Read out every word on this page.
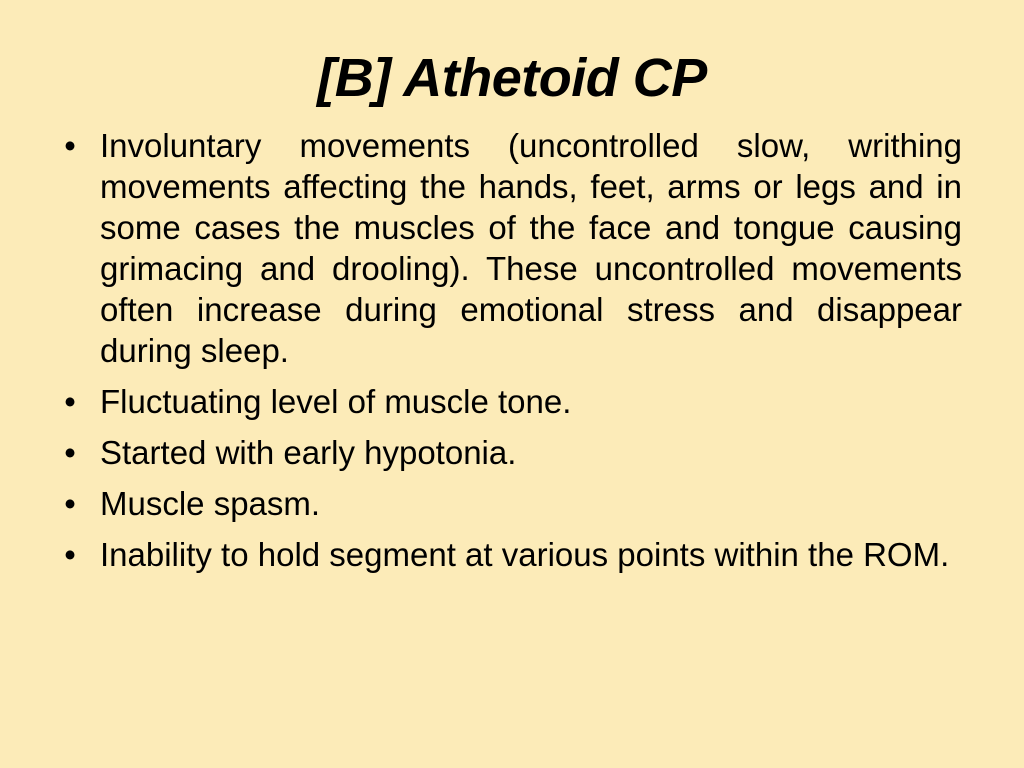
[B] Athetoid CP
• Involuntary movements (uncontrolled slow, writhing movements affecting the hands, feet, arms or legs and in some cases the muscles of the face and tongue causing grimacing and drooling). These uncontrolled movements often increase during emotional stress and disappear during sleep.
• Fluctuating level of muscle tone.
• Started with early hypotonia.
• Muscle spasm.
• Inability to hold segment at various points within the ROM.
